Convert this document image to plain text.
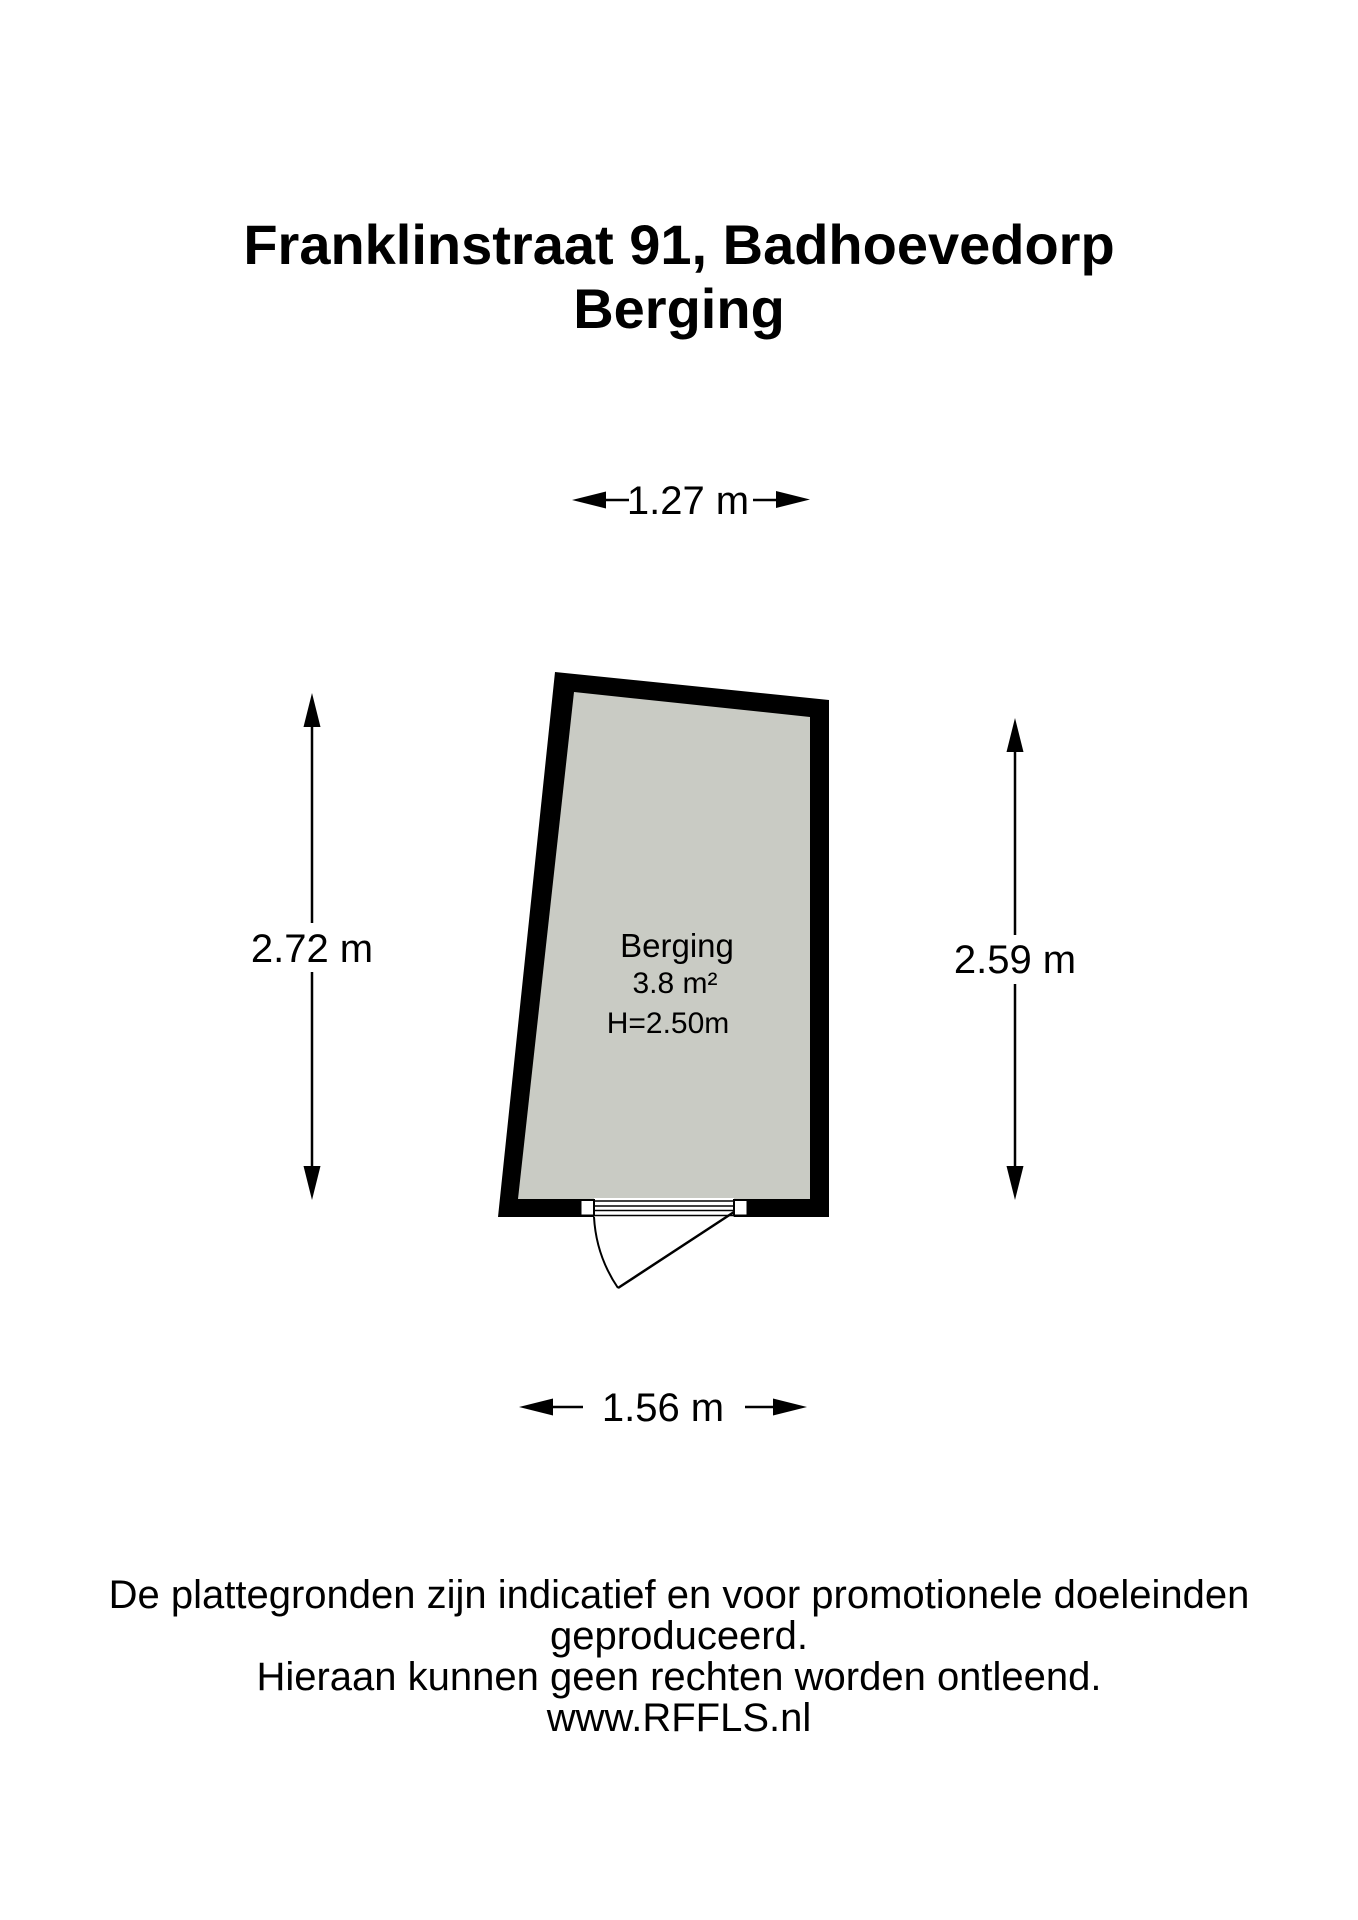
Franklinstraat 91, Badhoevedorp
Berging
1.27 m
1.56 m
2.72 m	2.59 m
Berging
3.8 m²
H=2.50m
De plattegronden zijn indicatief en voor promotionele doeleinden geproduceerd.
Hieraan kunnen geen rechten worden ontleend.
www.RFFLS.nl
